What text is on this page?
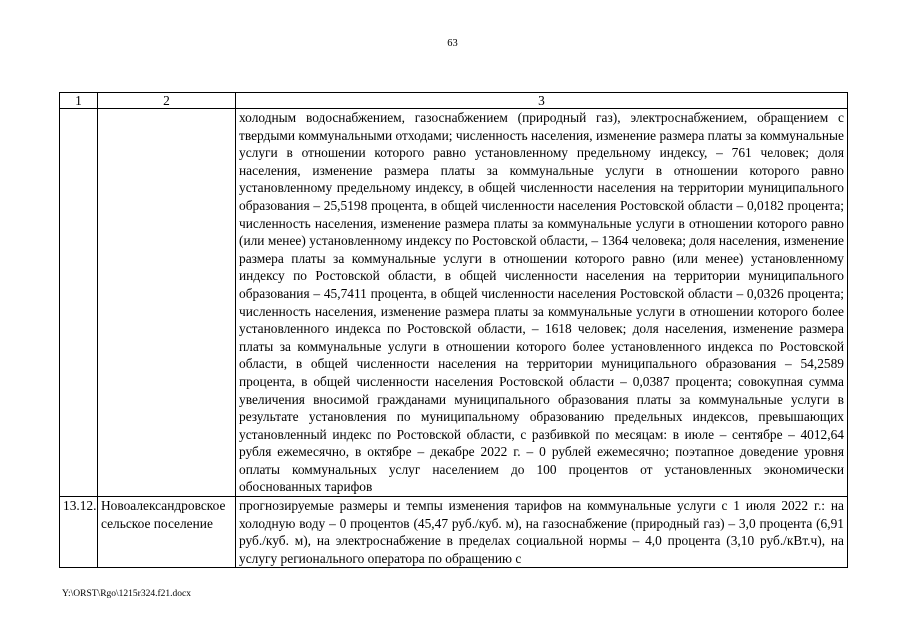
63
1	2	3
		холодным водоснабжением, газоснабжением (природный газ), электроснабжением, обращением с твердыми коммунальными отходами; численность населения, изменение размера платы за коммунальные услуги в отношении которого равно установленному предельному индексу, – 761 человек; доля населения, изменение размера платы за коммунальные услуги в отношении которого равно установленному предельному индексу, в общей численности населения на территории муниципального образования – 25,5198 процента, в общей численности населения Ростовской области – 0,0182 процента; численность населения, изменение размера платы за коммунальные услуги в отношении которого равно (или менее) установленному индексу по Ростовской области, – 1364 человека; доля населения, изменение размера платы за коммунальные услуги в отношении которого равно (или менее) установленному индексу по Ростовской области, в общей численности населения на территории муниципального образования – 45,7411 процента, в общей численности населения Ростовской области – 0,0326 процента; численность населения, изменение размера платы за коммунальные услуги в отношении которого более установленного индекса по Ростовской области, – 1618 человек; доля населения, изменение размера платы за коммунальные услуги в отношении которого более установленного индекса по Ростовской области, в общей численности населения на территории муниципального образования – 54,2589 процента, в общей численности населения Ростовской области – 0,0387 процента; совокупная сумма увеличения вносимой гражданами муниципального образования платы за коммунальные услуги в результате установления по муниципальному образованию предельных индексов, превышающих установленный индекс по Ростовской области, с разбивкой по месяцам: в июле – сентябре – 4012,64 рубля ежемесячно, в октябре – декабре 2022 г. – 0 рублей ежемесячно; поэтапное доведение уровня оплаты коммунальных услуг населением до 100 процентов от установленных экономически обоснованных тарифов
13.12.	Новоалександровское сельское поселение	прогнозируемые размеры и темпы изменения тарифов на коммунальные услуги с 1 июля 2022 г.: на холодную воду – 0 процентов (45,47 руб./куб. м), на газоснабжение (природный газ) – 3,0 процента (6,91 руб./куб. м), на электроснабжение в пределах социальной нормы – 4,0 процента (3,10 руб./кВт.ч), на услугу регионального оператора по обращению с
Y:\ORST\Rgo\1215r324.f21.docx
